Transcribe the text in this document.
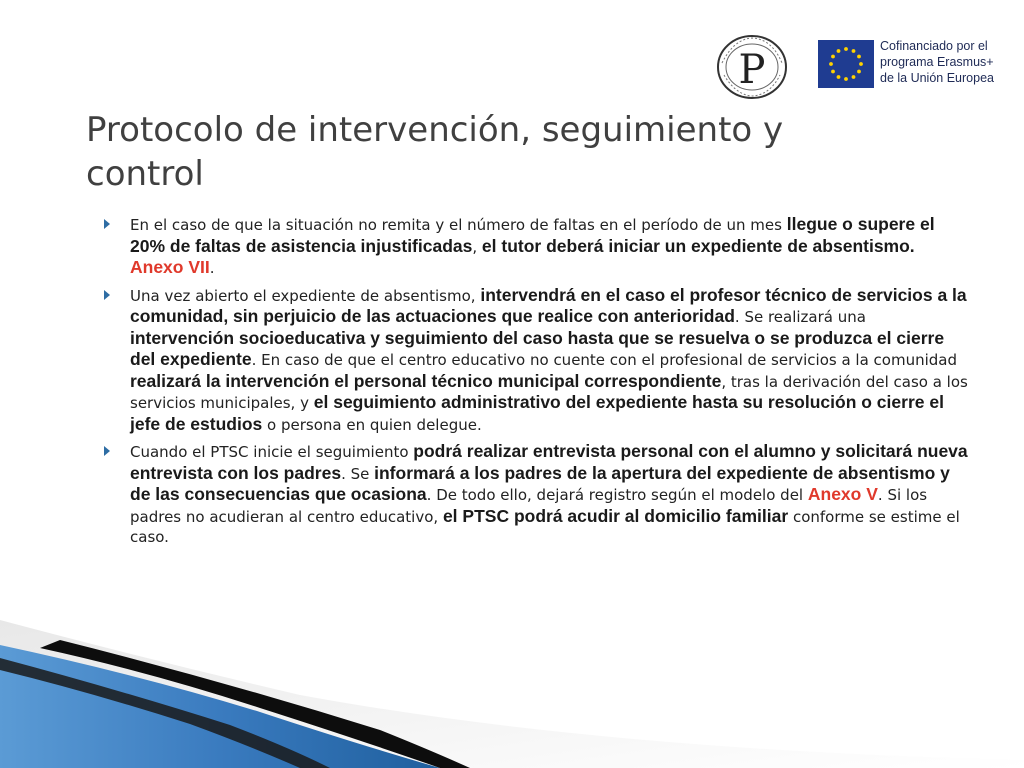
P
Cofinanciado por el
programa Erasmus+
de la Unión Europea
Protocolo de intervención, seguimiento y control
En el caso de que la situación no remita y el número de faltas en el período de un mes llegue o supere el 20% de faltas de asistencia injustificadas, el tutor deberá iniciar un expediente de absentismo. Anexo VII.
Una vez abierto el expediente de absentismo, intervendrá en el caso el profesor técnico de servicios a la comunidad, sin perjuicio de las actuaciones que realice con anterioridad. Se realizará una intervención socioeducativa y seguimiento del caso hasta que se resuelva o se produzca el cierre del expediente. En caso de que el centro educativo no cuente con el profesional de servicios a la comunidad realizará la intervención el personal técnico municipal correspondiente, tras la derivación del caso a los servicios municipales, y el seguimiento administrativo del expediente hasta su resolución o cierre el jefe de estudios o persona en quien delegue.
Cuando el PTSC inicie el seguimiento podrá realizar entrevista personal con el alumno y solicitará nueva entrevista con los padres. Se informará a los padres de la apertura del expediente de absentismo y de las consecuencias que ocasiona. De todo ello, dejará registro según el modelo del Anexo V. Si los padres no acudieran al centro educativo, el PTSC podrá acudir al domicilio familiar conforme se estime el caso.
